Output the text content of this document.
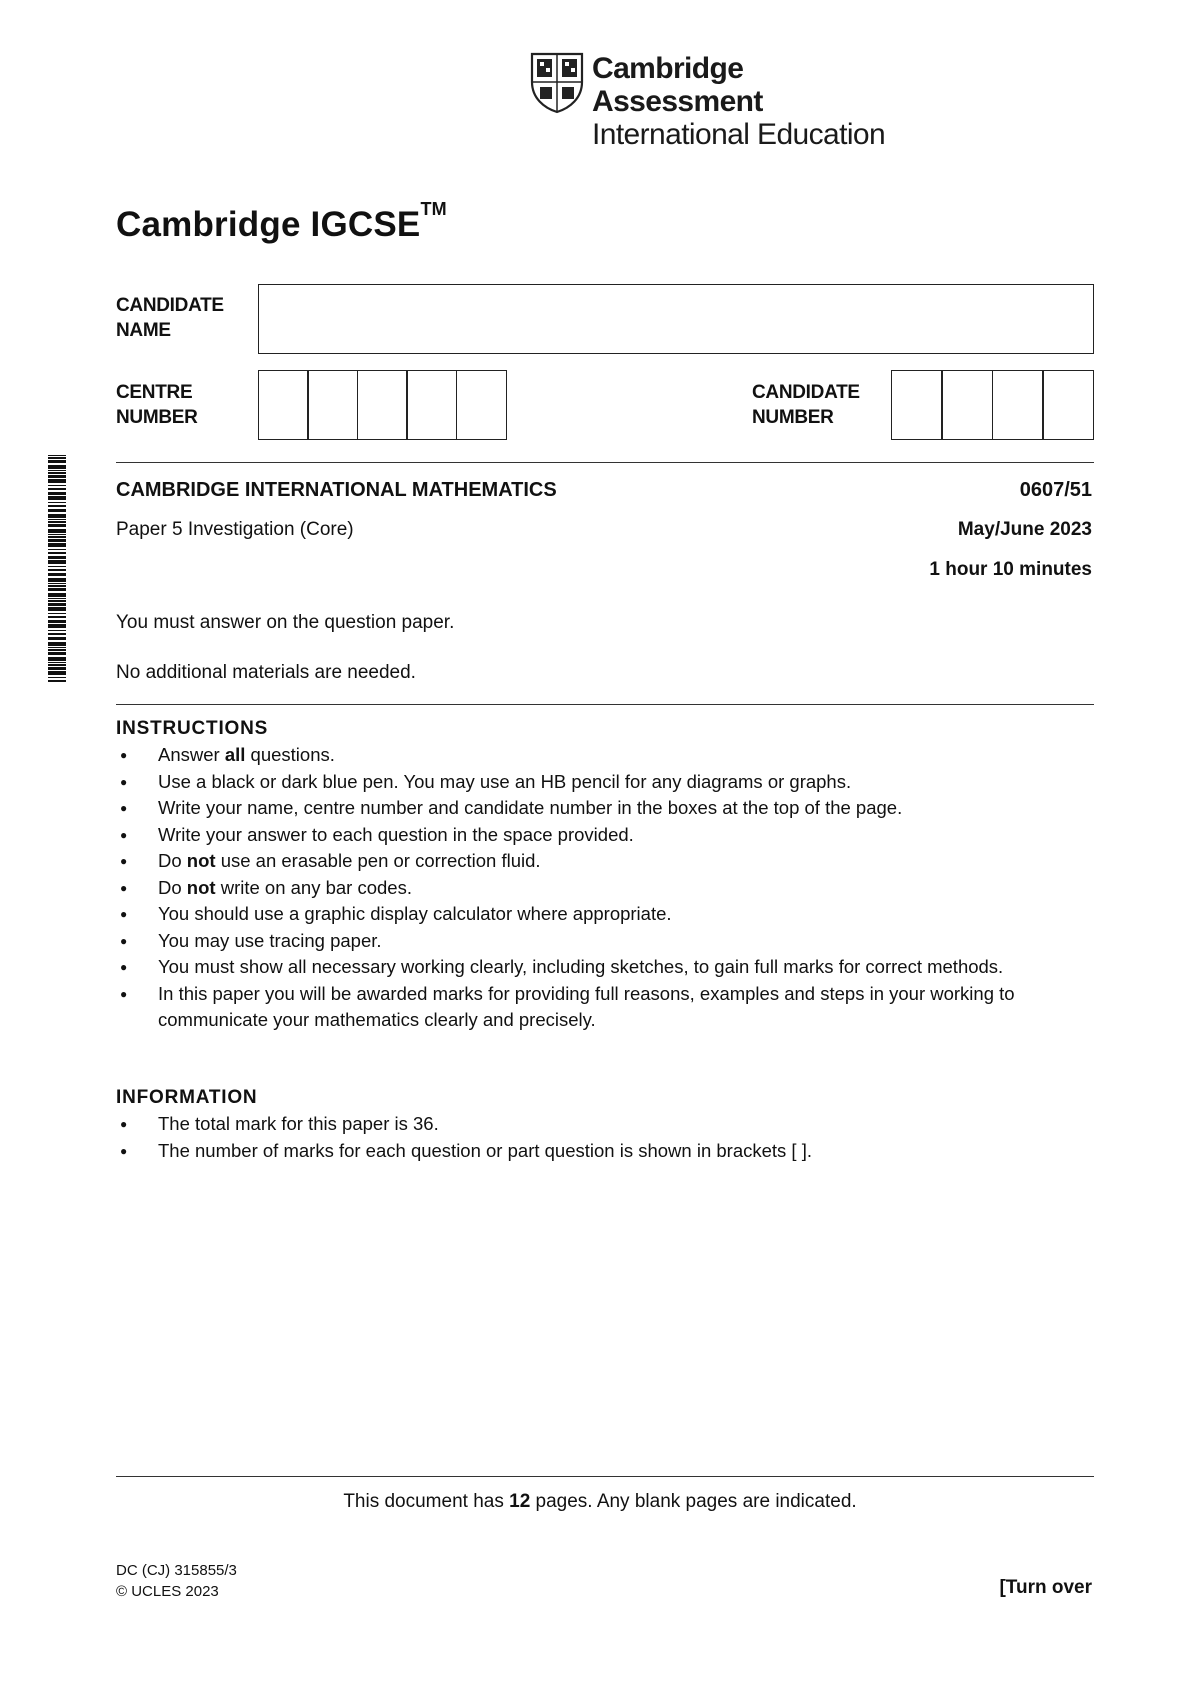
Cambridge Assessment
International Education
Cambridge IGCSE™
CANDIDATE
NAME
CENTRE
NUMBER
CANDIDATE
NUMBER
CAMBRIDGE INTERNATIONAL MATHEMATICS	0607/51
Paper 5 Investigation (Core)	May/June 2023
1 hour 10 minutes
You must answer on the question paper.
No additional materials are needed.
INSTRUCTIONS
● Answer all questions.
● Use a black or dark blue pen. You may use an HB pencil for any diagrams or graphs.
● Write your name, centre number and candidate number in the boxes at the top of the page.
● Write your answer to each question in the space provided.
● Do not use an erasable pen or correction fluid.
● Do not write on any bar codes.
● You should use a graphic display calculator where appropriate.
● You may use tracing paper.
● You must show all necessary working clearly, including sketches, to gain full marks for correct methods.
● In this paper you will be awarded marks for providing full reasons, examples and steps in your working to communicate your mathematics clearly and precisely.
INFORMATION
● The total mark for this paper is 36.
● The number of marks for each question or part question is shown in brackets [ ].
This document has 12 pages. Any blank pages are indicated.
DC (CJ) 315855/3
© UCLES 2023	[Turn over
